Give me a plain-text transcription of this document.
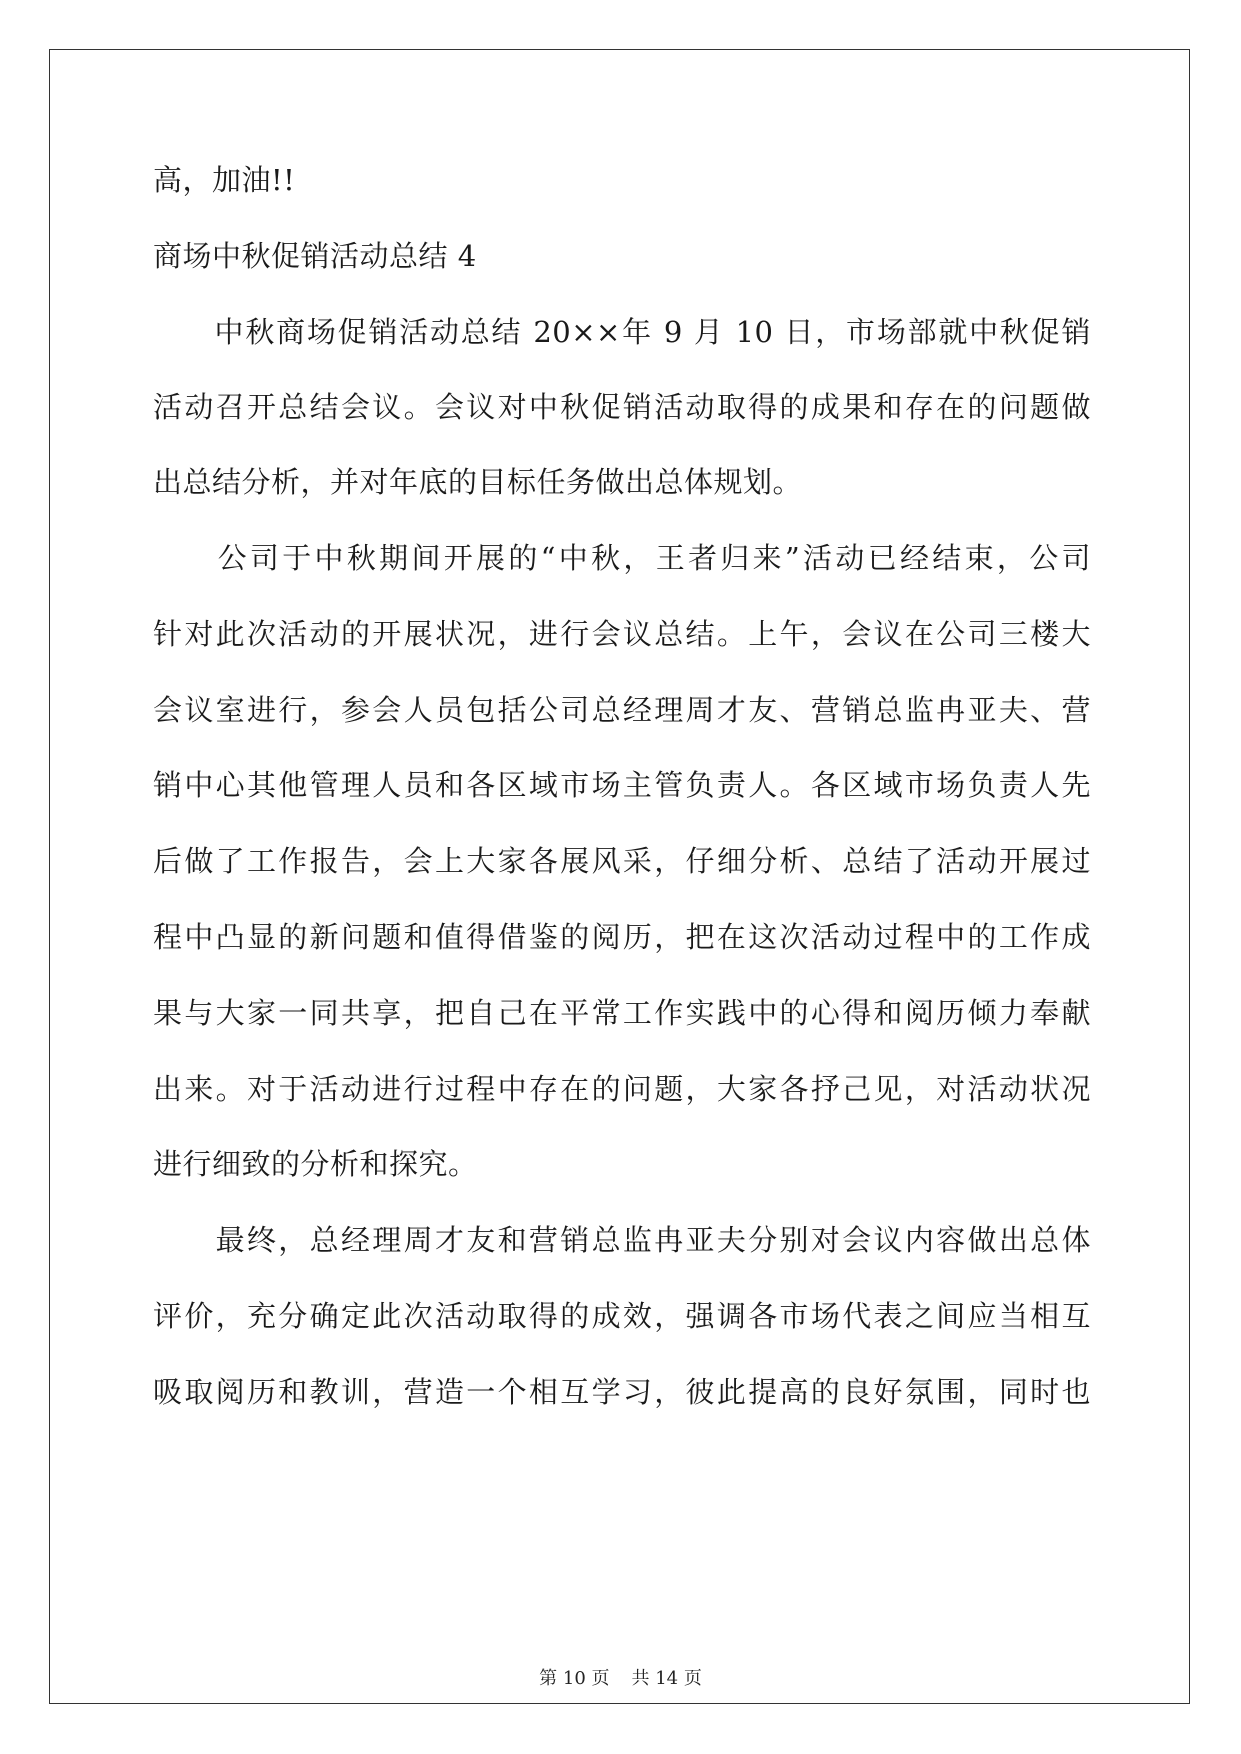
高，加油!!
商场中秋促销活动总结 4
　　中秋商场促销活动总结 20××年 9 月 10 日，市场部就中秋促销
活动召开总结会议。会议对中秋促销活动取得的成果和存在的问题做
出总结分析，并对年底的目标任务做出总体规划。
　　公司于中秋期间开展的“中秋，王者归来”活动已经结束，公司
针对此次活动的开展状况，进行会议总结。上午，会议在公司三楼大
会议室进行，参会人员包括公司总经理周才友、营销总监冉亚夫、营
销中心其他管理人员和各区域市场主管负责人。各区域市场负责人先
后做了工作报告，会上大家各展风采，仔细分析、总结了活动开展过
程中凸显的新问题和值得借鉴的阅历，把在这次活动过程中的工作成
果与大家一同共享，把自己在平常工作实践中的心得和阅历倾力奉献
出来。对于活动进行过程中存在的问题，大家各抒己见，对活动状况
进行细致的分析和探究。
　　最终，总经理周才友和营销总监冉亚夫分别对会议内容做出总体
评价，充分确定此次活动取得的成效，强调各市场代表之间应当相互
吸取阅历和教训，营造一个相互学习，彼此提高的良好氛围，同时也
第 10 页 共 14 页
